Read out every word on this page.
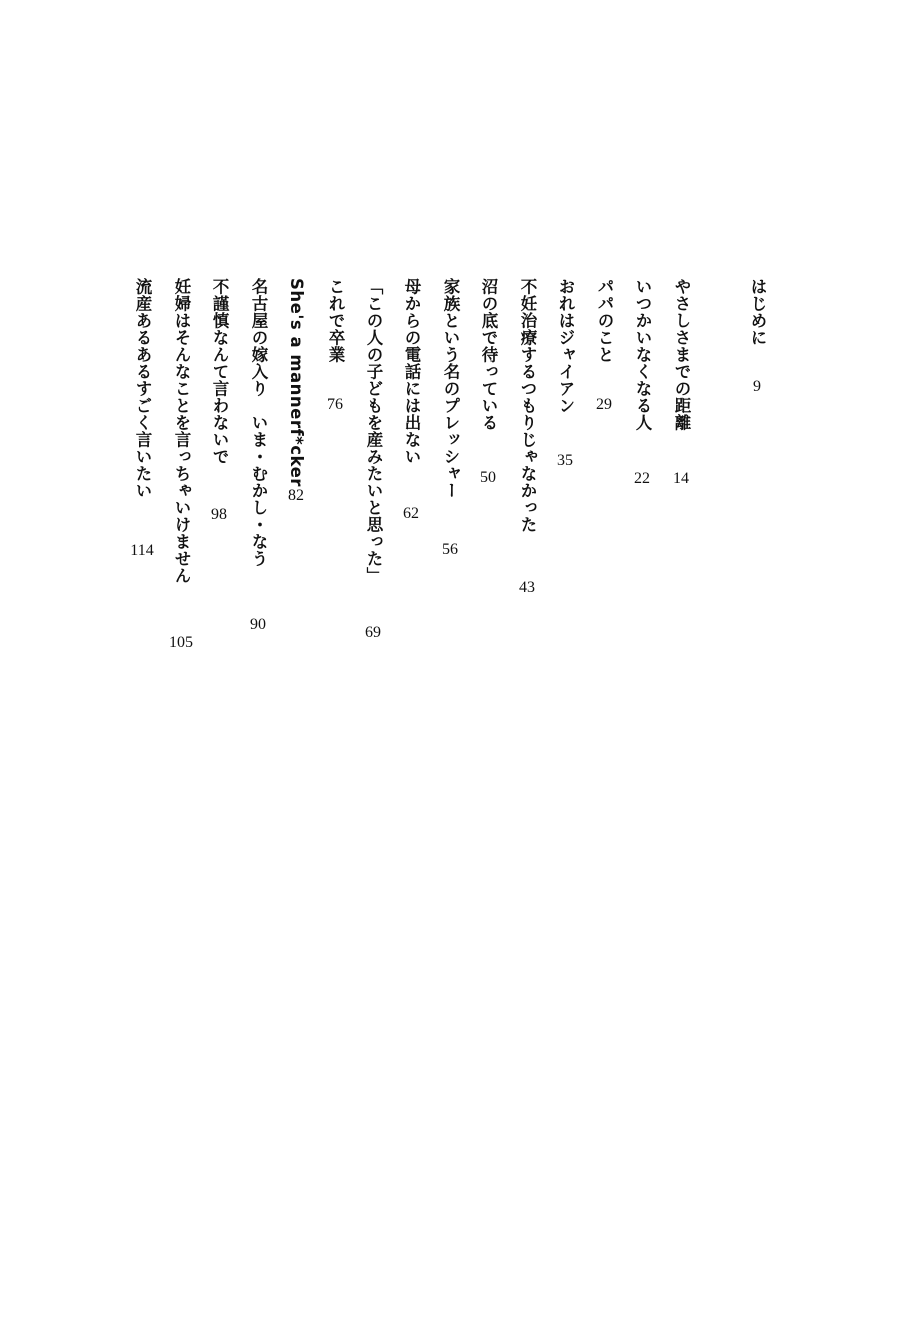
はじめに
9
やさしさまでの距離
14
いつかいなくなる人
22
パパのこと
29
おれはジャイアン
35
不妊治療するつもりじゃなかった
43
沼の底で待っている
50
家族という名のプレッシャー
56
母からの電話には出ない
62
「この人の子どもを産みたいと思った」
69
これで卒業
76
She's a mannerf*cker
82
名古屋の嫁入り　いま・むかし・なう
90
不謹慎なんて言わないで
98
妊婦はそんなことを言っちゃいけません
105
流産あるあるすごく言いたい
114
